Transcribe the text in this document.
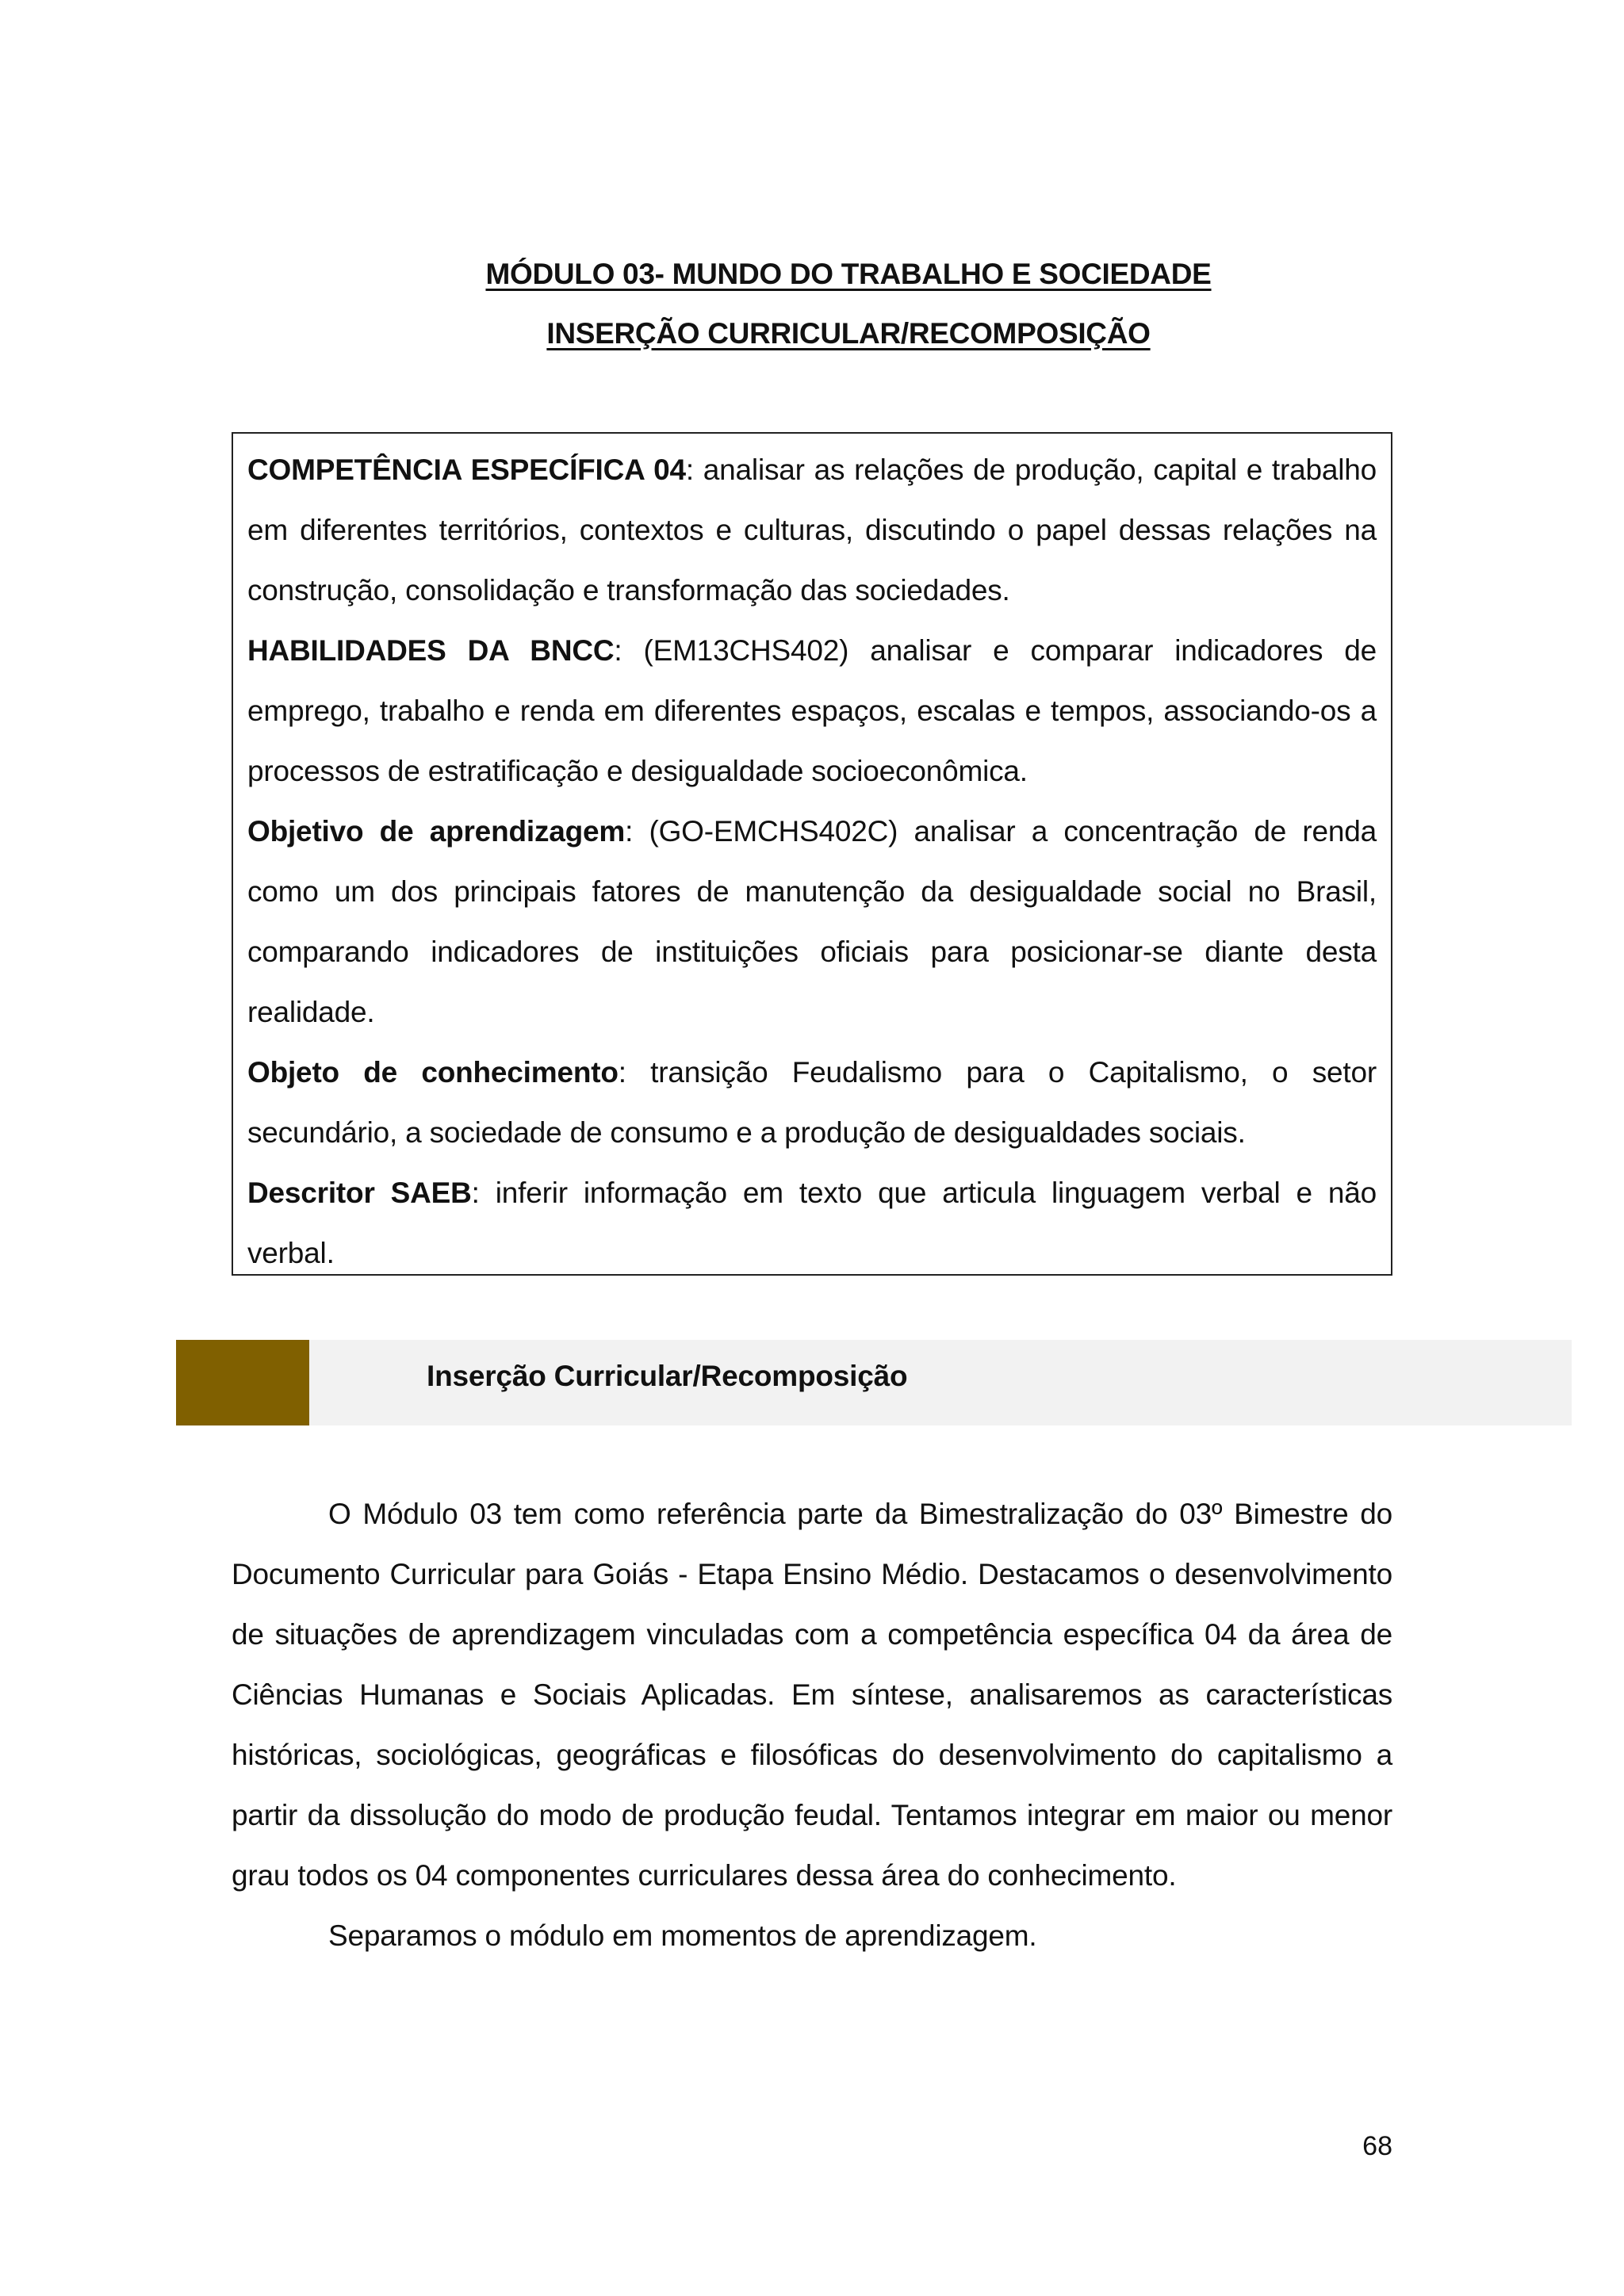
MÓDULO 03- MUNDO DO TRABALHO E SOCIEDADE
INSERÇÃO CURRICULAR/RECOMPOSIÇÃO

COMPETÊNCIA ESPECÍFICA 04: analisar as relações de produção, capital e trabalho em diferentes territórios, contextos e culturas, discutindo o papel dessas relações na construção, consolidação e transformação das sociedades.

HABILIDADES DA BNCC: (EM13CHS402) analisar e comparar indicadores de emprego, trabalho e renda em diferentes espaços, escalas e tempos, associando-os a processos de estratificação e desigualdade socioeconômica.

Objetivo de aprendizagem: (GO-EMCHS402C) analisar a concentração de renda como um dos principais fatores de manutenção da desigualdade social no Brasil, comparando indicadores de instituições oficiais para posicionar-se diante desta realidade.

Objeto de conhecimento: transição Feudalismo para o Capitalismo, o setor secundário, a sociedade de consumo e a produção de desigualdades sociais.

Descritor SAEB: inferir informação em texto que articula linguagem verbal e não verbal.

Inserção Curricular/Recomposição

O Módulo 03 tem como referência parte da Bimestralização do 03º Bimestre do Documento Curricular para Goiás - Etapa Ensino Médio. Destacamos o desenvolvimento de situações de aprendizagem vinculadas com a competência específica 04 da área de Ciências Humanas e Sociais Aplicadas. Em síntese, analisaremos as características históricas, sociológicas, geográficas e filosóficas do desenvolvimento do capitalismo a partir da dissolução do modo de produção feudal. Tentamos integrar em maior ou menor grau todos os 04 componentes curriculares dessa área do conhecimento.

Separamos o módulo em momentos de aprendizagem.

68
